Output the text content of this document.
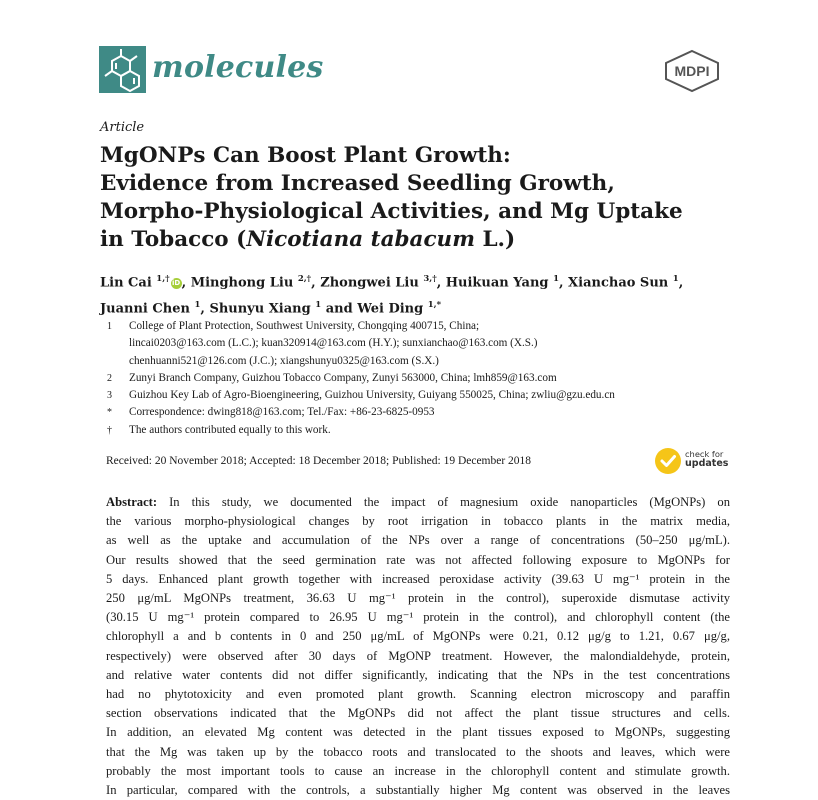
molecules	MDPI
Article
MgONPs Can Boost Plant Growth:
Evidence from Increased Seedling Growth,
Morpho-Physiological Activities, and Mg Uptake
in Tobacco (Nicotiana tabacum L.)
Lin Cai $^{1,\dagger}$ iD, Minghong Liu $^{2,\dagger}$, Zhongwei Liu $^{3,\dagger}$, Huikuan Yang $^1$, Xianchao Sun $^1$,
Juanni Chen $^1$, Shunyu Xiang $^1$ and Wei Ding $^{1,*}$
1	College of Plant Protection, Southwest University, Chongqing 400715, China;
lincai0203@163.com (L.C.); kuan320914@163.com (H.Y.); sunxianchao@163.com (X.S.)
chenhuanni521@126.com (J.C.); xiangshunyu0325@163.com (S.X.)
2	Zunyi Branch Company, Guizhou Tobacco Company, Zunyi 563000, China; lmh859@163.com
3	Guizhou Key Lab of Agro-Bioengineering, Guizhou University, Guiyang 550025, China; zwliu@gzu.edu.cn
*	Correspondence: dwing818@163.com; Tel./Fax: +86-23-6825-0953
†	The authors contributed equally to this work.
Received: 20 November 2018; Accepted: 18 December 2018; Published: 19 December 2018
check for
updates
Abstract: In this study, we documented the impact of magnesium oxide nanoparticles (MgONPs) on
the various morpho-physiological changes by root irrigation in tobacco plants in the matrix media,
as well as the uptake and accumulation of the NPs over a range of concentrations (50–250 μg/mL).
Our results showed that the seed germination rate was not affected following exposure to MgONPs for
5 days. Enhanced plant growth together with increased peroxidase activity (39.63 U mg⁻¹ protein in the
250 μg/mL MgONPs treatment, 36.63 U mg⁻¹ protein in the control), superoxide dismutase activity
(30.15 U mg⁻¹ protein compared to 26.95 U mg⁻¹ protein in the control), and chlorophyll content (the
chlorophyll a and b contents in 0 and 250 μg/mL of MgONPs were 0.21, 0.12 μg/g to 1.21, 0.67 μg/g,
respectively) were observed after 30 days of MgONP treatment. However, the malondialdehyde, protein,
and relative water contents did not differ significantly, indicating that the NPs in the test concentrations
had no phytotoxicity and even promoted plant growth. Scanning electron microscopy and paraffin
section observations indicated that the MgONPs did not affect the plant tissue structures and cells.
In addition, an elevated Mg content was detected in the plant tissues exposed to MgONPs, suggesting
that the Mg was taken up by the tobacco roots and translocated to the shoots and leaves, which were
probably the most important tools to cause an increase in the chlorophyll content and stimulate growth.
In particular, compared with the controls, a substantially higher Mg content was observed in the leaves
